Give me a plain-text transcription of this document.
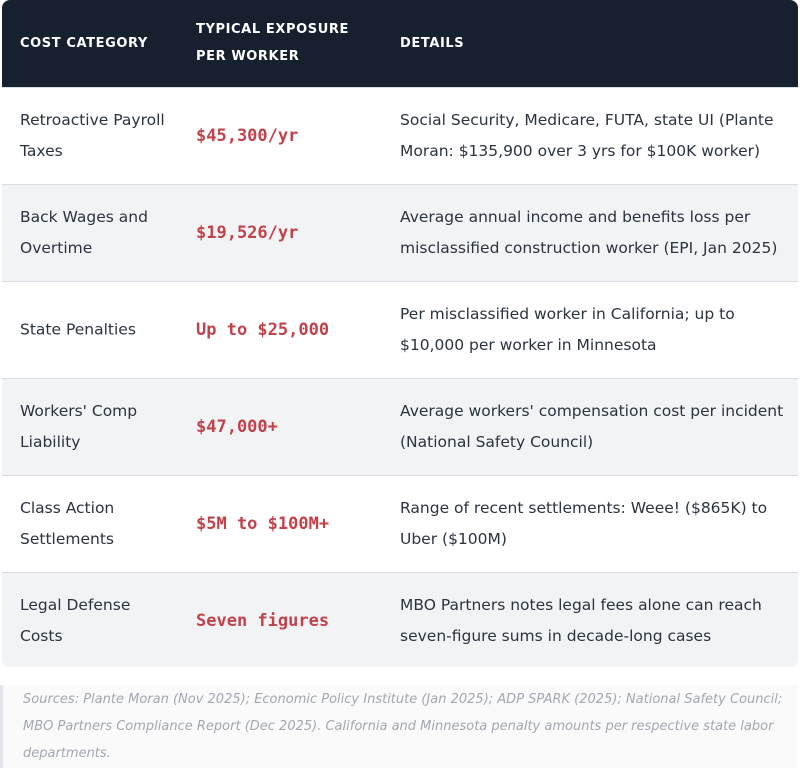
COST CATEGORY
TYPICAL EXPOSURE
PER WORKER
DETAILS
Retroactive Payroll Taxes
$45,300/yr
Social Security, Medicare, FUTA, state UI (Plante Moran: $135,900 over 3 yrs for $100K worker)
Back Wages and Overtime
$19,526/yr
Average annual income and benefits loss per misclassified construction worker (EPI, Jan 2025)
State Penalties	Up to $25,000
Per misclassified worker in California; up to $10,000 per worker in Minnesota
Workers' Comp Liability
$47,000+
Average workers' compensation cost per incident (National Safety Council)
Class Action Settlements
$5M to $100M+
Range of recent settlements: Weee! ($865K) to Uber ($100M)
Legal Defense Costs
Seven figures
MBO Partners notes legal fees alone can reach seven-figure sums in decade-long cases
Sources: Plante Moran (Nov 2025); Economic Policy Institute (Jan 2025); ADP SPARK (2025); National Safety Council; MBO Partners Compliance Report (Dec 2025). California and Minnesota penalty amounts per respective state labor departments.
